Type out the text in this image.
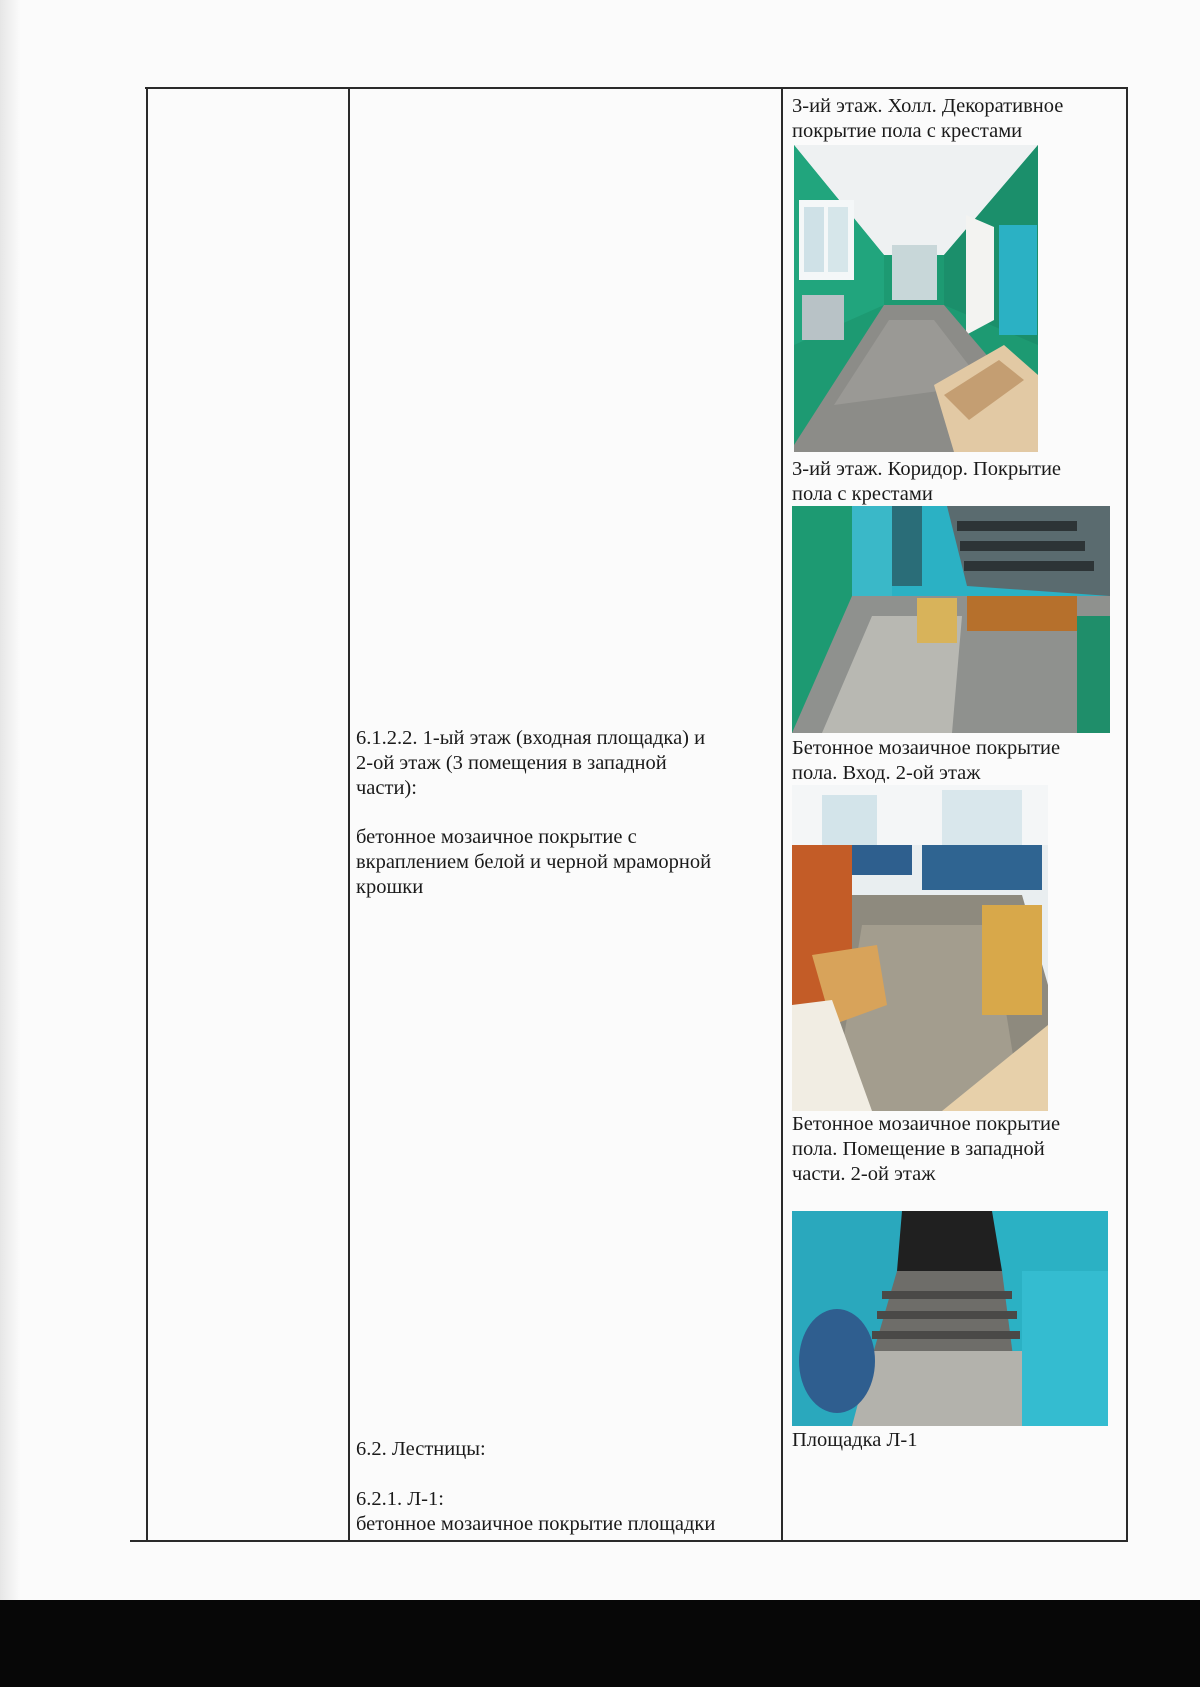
6.1.2.2. 1-ый этаж (входная площадка) и
2-ой этаж (3 помещения в западной
части):
бетонное мозаичное покрытие с
вкраплением белой и черной мраморной
крошки
6.2. Лестницы:
6.2.1. Л-1:
бетонное мозаичное покрытие площадки
3-ий этаж. Холл. Декоративное
покрытие пола с крестами
3-ий этаж. Коридор. Покрытие
пола с крестами
Бетонное мозаичное покрытие
пола. Вход. 2-ой этаж
Бетонное мозаичное покрытие
пола. Помещение в западной
части. 2-ой этаж
Площадка Л-1
